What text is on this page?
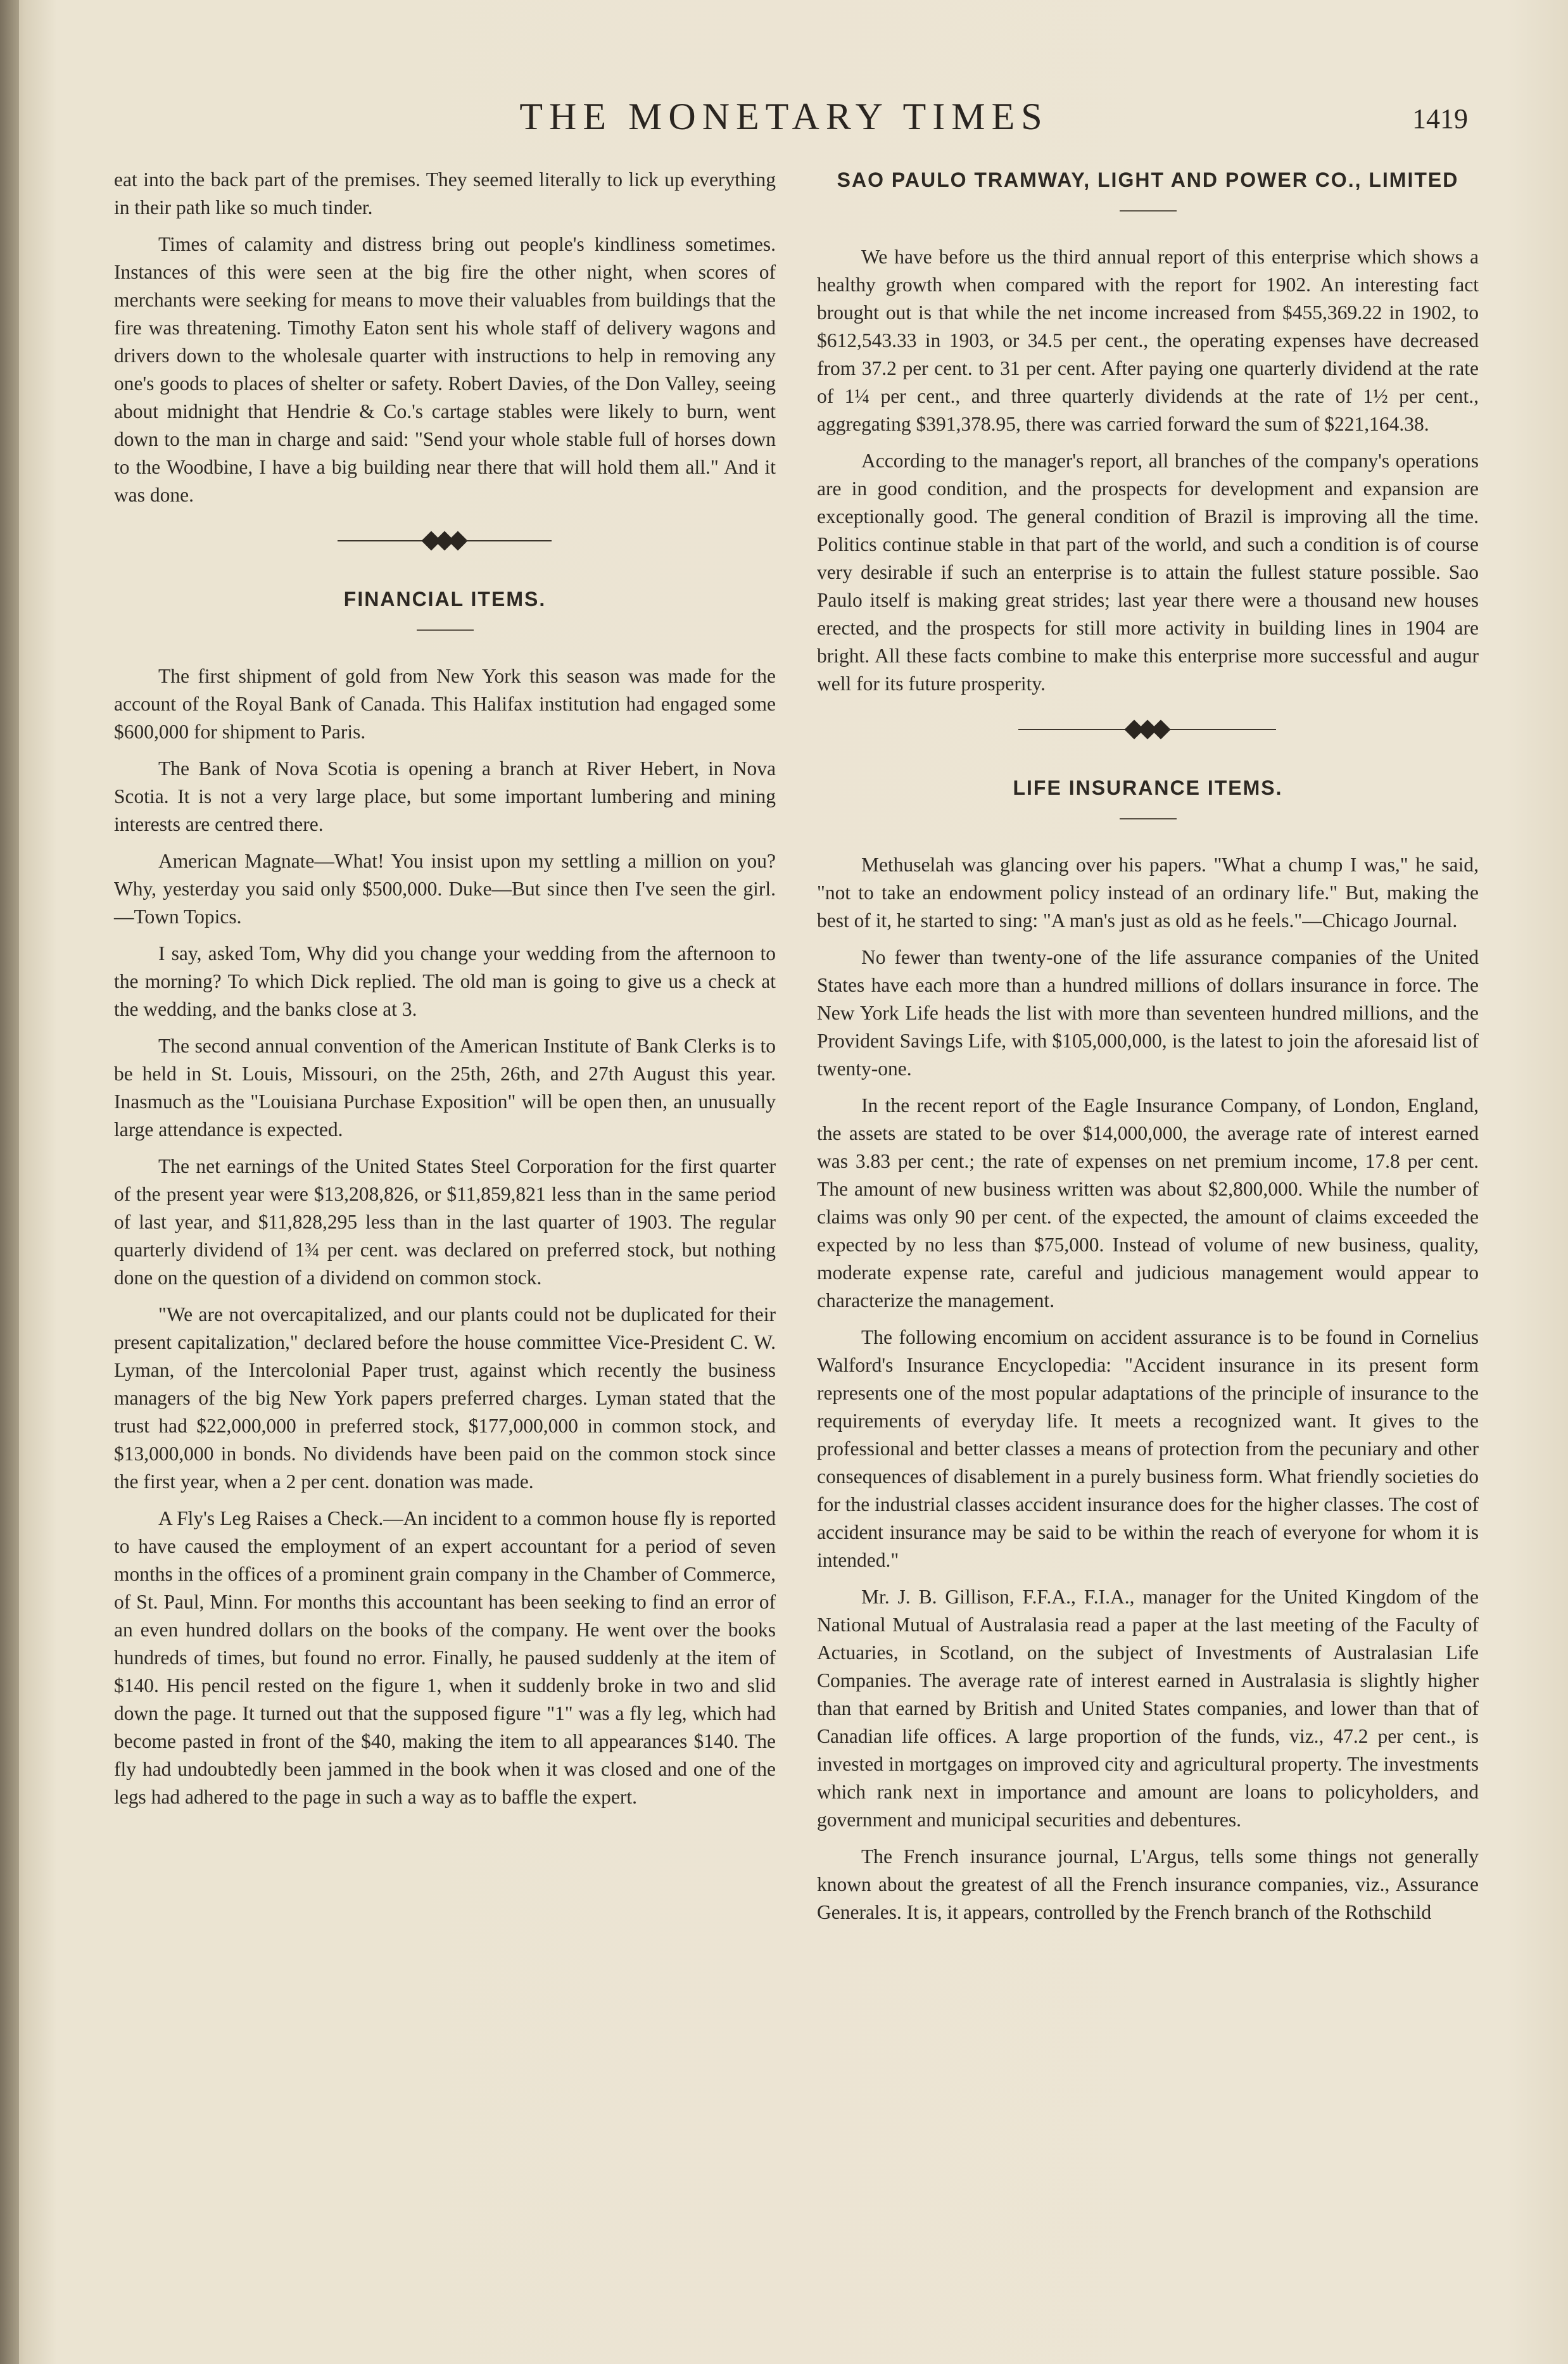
THE MONETARY TIMES	1419

eat into the back part of the premises. They seemed literally to lick up everything in their path like so much tinder.

Times of calamity and distress bring out people's kindliness sometimes. Instances of this were seen at the big fire the other night, when scores of merchants were seeking for means to move their valuables from buildings that the fire was threatening. Timothy Eaton sent his whole staff of delivery wagons and drivers down to the wholesale quarter with instructions to help in removing any one's goods to places of shelter or safety. Robert Davies, of the Don Valley, seeing about midnight that Hendrie & Co.'s cartage stables were likely to burn, went down to the man in charge and said: "Send your whole stable full of horses down to the Woodbine, I have a big building near there that will hold them all." And it was done.

FINANCIAL ITEMS.

The first shipment of gold from New York this season was made for the account of the Royal Bank of Canada. This Halifax institution had engaged some $600,000 for shipment to Paris.

The Bank of Nova Scotia is opening a branch at River Hebert, in Nova Scotia. It is not a very large place, but some important lumbering and mining interests are centred there.

American Magnate—What! You insist upon my settling a million on you? Why, yesterday you said only $500,000. Duke—But since then I've seen the girl.—Town Topics.

I say, asked Tom, Why did you change your wedding from the afternoon to the morning? To which Dick replied. The old man is going to give us a check at the wedding, and the banks close at 3.

The second annual convention of the American Institute of Bank Clerks is to be held in St. Louis, Missouri, on the 25th, 26th, and 27th August this year. Inasmuch as the "Louisiana Purchase Exposition" will be open then, an unusually large attendance is expected.

The net earnings of the United States Steel Corporation for the first quarter of the present year were $13,208,826, or $11,859,821 less than in the same period of last year, and $11,828,295 less than in the last quarter of 1903. The regular quarterly dividend of 1¾ per cent. was declared on preferred stock, but nothing done on the question of a dividend on common stock.

"We are not overcapitalized, and our plants could not be duplicated for their present capitalization," declared before the house committee Vice-President C. W. Lyman, of the Intercolonial Paper trust, against which recently the business managers of the big New York papers preferred charges. Lyman stated that the trust had $22,000,000 in preferred stock, $177,000,000 in common stock, and $13,000,000 in bonds. No dividends have been paid on the common stock since the first year, when a 2 per cent. donation was made.

A Fly's Leg Raises a Check.—An incident to a common house fly is reported to have caused the employment of an expert accountant for a period of seven months in the offices of a prominent grain company in the Chamber of Commerce, of St. Paul, Minn. For months this accountant has been seeking to find an error of an even hundred dollars on the books of the company. He went over the books hundreds of times, but found no error. Finally, he paused suddenly at the item of $140. His pencil rested on the figure 1, when it suddenly broke in two and slid down the page. It turned out that the supposed figure "1" was a fly leg, which had become pasted in front of the $40, making the item to all appearances $140. The fly had undoubtedly been jammed in the book when it was closed and one of the legs had adhered to the page in such a way as to baffle the expert.

SAO PAULO TRAMWAY, LIGHT AND POWER CO., LIMITED

We have before us the third annual report of this enterprise which shows a healthy growth when compared with the report for 1902. An interesting fact brought out is that while the net income increased from $455,369.22 in 1902, to $612,543.33 in 1903, or 34.5 per cent., the operating expenses have decreased from 37.2 per cent. to 31 per cent. After paying one quarterly dividend at the rate of 1¼ per cent., and three quarterly dividends at the rate of 1½ per cent., aggregating $391,378.95, there was carried forward the sum of $221,164.38.

According to the manager's report, all branches of the company's operations are in good condition, and the prospects for development and expansion are exceptionally good. The general condition of Brazil is improving all the time. Politics continue stable in that part of the world, and such a condition is of course very desirable if such an enterprise is to attain the fullest stature possible. Sao Paulo itself is making great strides; last year there were a thousand new houses erected, and the prospects for still more activity in building lines in 1904 are bright. All these facts combine to make this enterprise more successful and augur well for its future prosperity.

LIFE INSURANCE ITEMS.

Methuselah was glancing over his papers. "What a chump I was," he said, "not to take an endowment policy instead of an ordinary life." But, making the best of it, he started to sing: "A man's just as old as he feels."—Chicago Journal.

No fewer than twenty-one of the life assurance companies of the United States have each more than a hundred millions of dollars insurance in force. The New York Life heads the list with more than seventeen hundred millions, and the Provident Savings Life, with $105,000,000, is the latest to join the aforesaid list of twenty-one.

In the recent report of the Eagle Insurance Company, of London, England, the assets are stated to be over $14,000,000, the average rate of interest earned was 3.83 per cent.; the rate of expenses on net premium income, 17.8 per cent. The amount of new business written was about $2,800,000. While the number of claims was only 90 per cent. of the expected, the amount of claims exceeded the expected by no less than $75,000. Instead of volume of new business, quality, moderate expense rate, careful and judicious management would appear to characterize the management.

The following encomium on accident assurance is to be found in Cornelius Walford's Insurance Encyclopedia: "Accident insurance in its present form represents one of the most popular adaptations of the principle of insurance to the requirements of everyday life. It meets a recognized want. It gives to the professional and better classes a means of protection from the pecuniary and other consequences of disablement in a purely business form. What friendly societies do for the industrial classes accident insurance does for the higher classes. The cost of accident insurance may be said to be within the reach of everyone for whom it is intended."

Mr. J. B. Gillison, F.F.A., F.I.A., manager for the United Kingdom of the National Mutual of Australasia read a paper at the last meeting of the Faculty of Actuaries, in Scotland, on the subject of Investments of Australasian Life Companies. The average rate of interest earned in Australasia is slightly higher than that earned by British and United States companies, and lower than that of Canadian life offices. A large proportion of the funds, viz., 47.2 per cent., is invested in mortgages on improved city and agricultural property. The investments which rank next in importance and amount are loans to policyholders, and government and municipal securities and debentures.

The French insurance journal, L'Argus, tells some things not generally known about the greatest of all the French insurance companies, viz., Assurance Generales. It is, it appears, controlled by the French branch of the Rothschild
